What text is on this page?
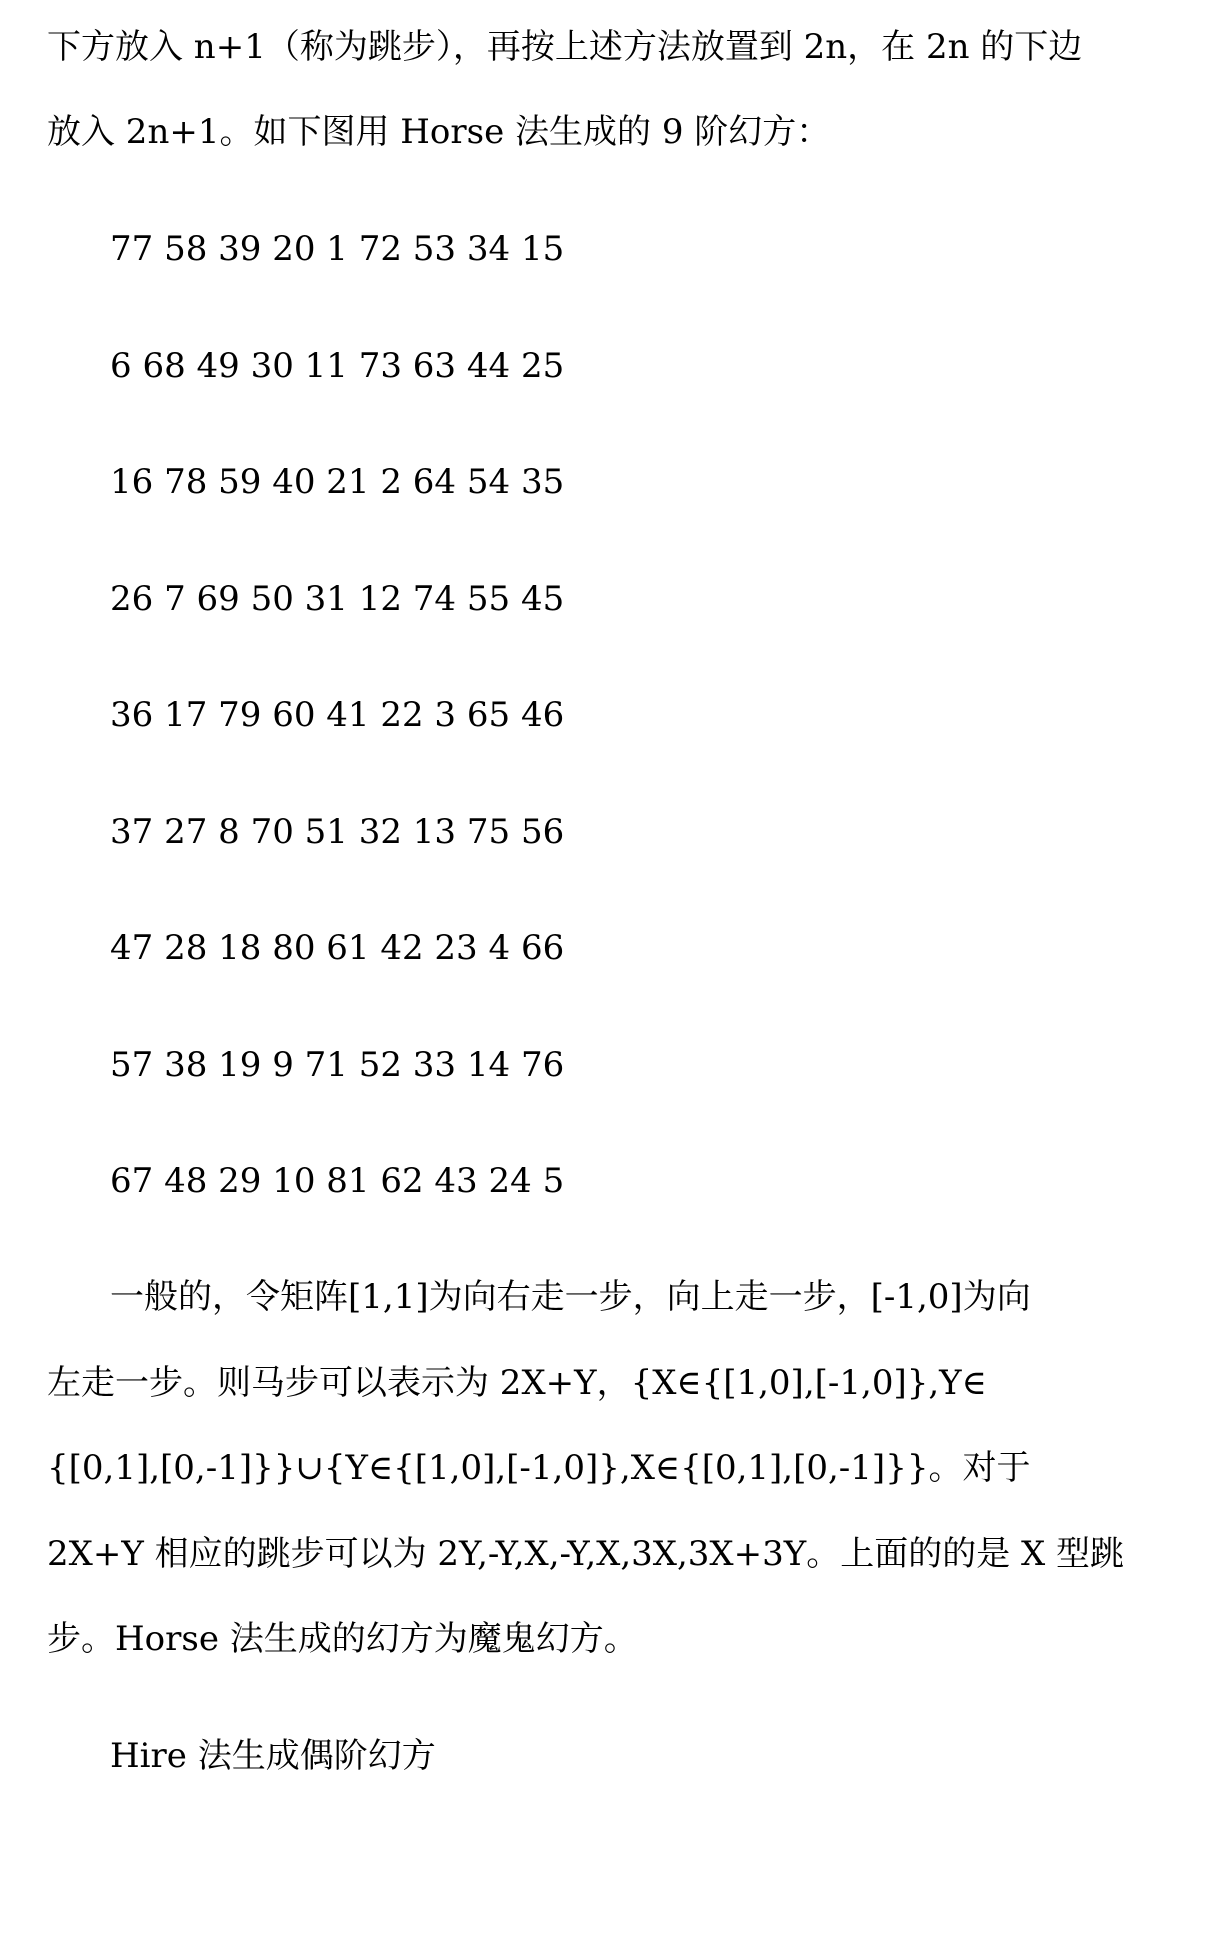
下方放入 n+1（称为跳步），再按上述方法放置到 2n，在 2n 的下边

放入 2n+1。如下图用 Horse 法生成的 9 阶幻方：

77 58 39 20 1 72 53 34 15

6 68 49 30 11 73 63 44 25

16 78 59 40 21 2 64 54 35

26 7 69 50 31 12 74 55 45

36 17 79 60 41 22 3 65 46

37 27 8 70 51 32 13 75 56

47 28 18 80 61 42 23 4 66

57 38 19 9 71 52 33 14 76

67 48 29 10 81 62 43 24 5

一般的，令矩阵[1,1]为向右走一步，向上走一步，[-1,0]为向

左走一步。则马步可以表示为 2X+Y，{X∈{[1,0],[-1,0]},Y∈

{[0,1],[0,-1]}}∪{Y∈{[1,0],[-1,0]},X∈{[0,1],[0,-1]}}。对于

2X+Y 相应的跳步可以为 2Y,-Y,X,-Y,X,3X,3X+3Y。上面的的是 X 型跳

步。Horse 法生成的幻方为魔鬼幻方。

Hire 法生成偶阶幻方
